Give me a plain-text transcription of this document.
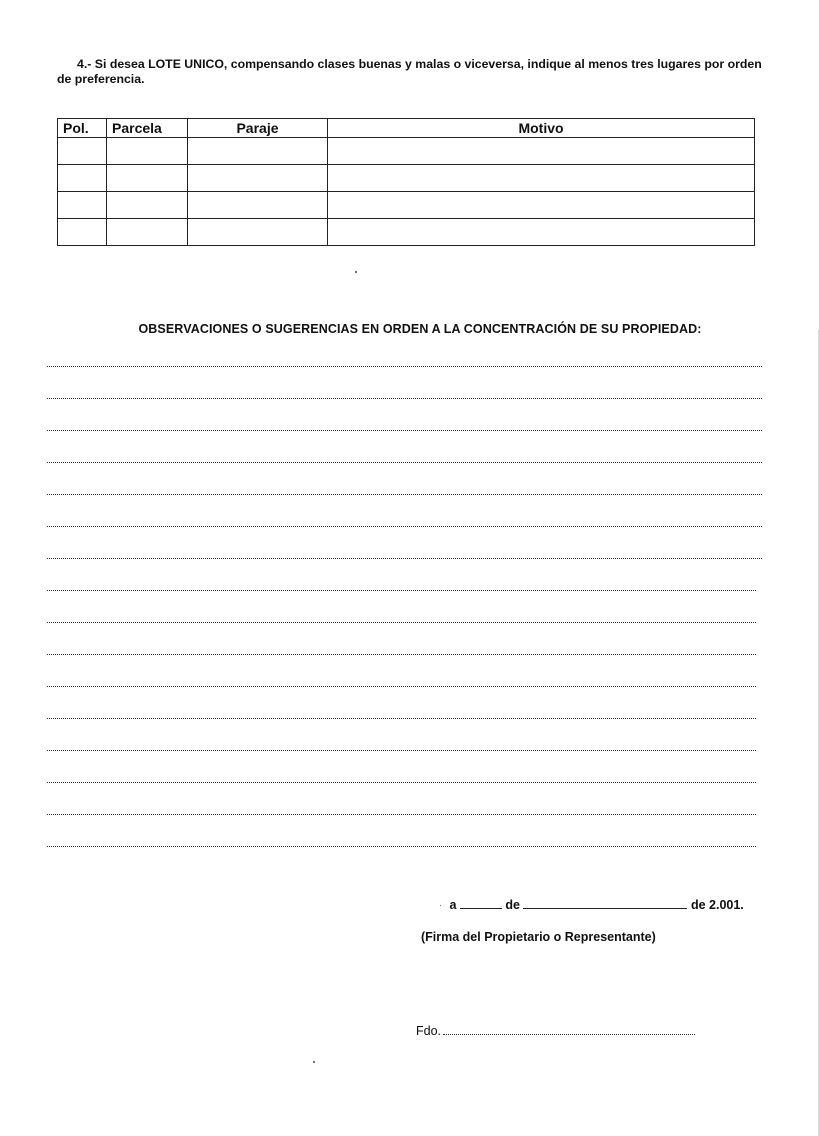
4.- Si desea LOTE UNICO, compensando clases buenas y malas o viceversa, indique al menos tres lugares por orden de preferencia.
Pol.	Parcela	Paraje	Motivo

OBSERVACIONES O SUGERENCIAS EN ORDEN A LA CONCENTRACIÓN DE SU PROPIEDAD:
a	de	de 2.001.
(Firma del Propietario o Representante)
Fdo.
